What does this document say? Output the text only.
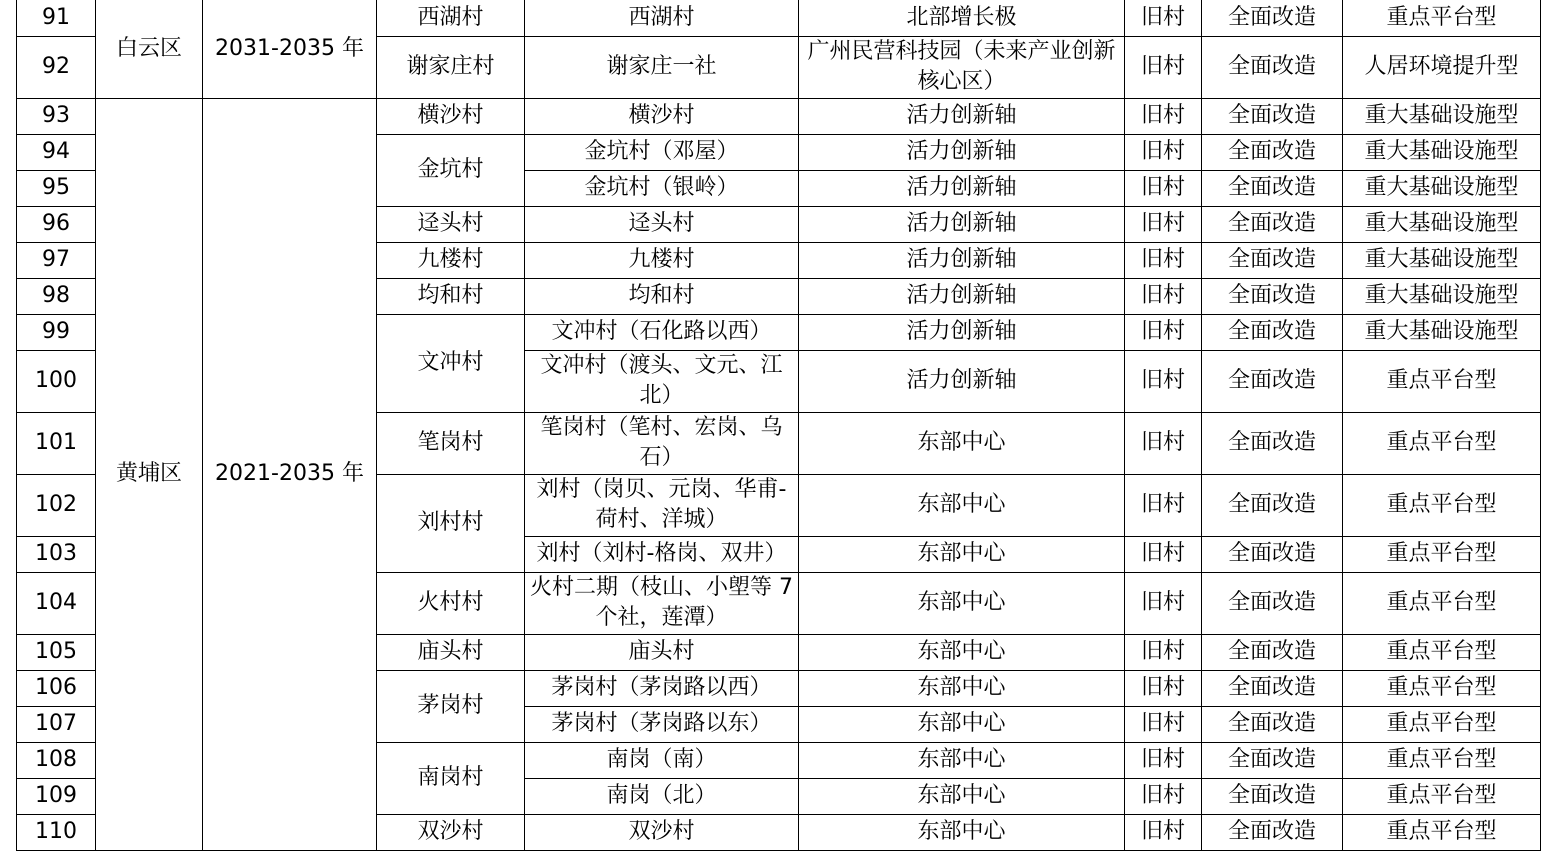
91	白云区	2031-2035 年	西湖村	西湖村	北部增长极	旧村	全面改造	重点平台型
92			谢家庄村	谢家庄一社	广州民营科技园（未来产业创新核心区）	旧村	全面改造	人居环境提升型
93	黄埔区	2021-2035 年	横沙村	横沙村	活力创新轴	旧村	全面改造	重大基础设施型
94			金坑村	金坑村（邓屋）	活力创新轴	旧村	全面改造	重大基础设施型
95				金坑村（银岭）	活力创新轴	旧村	全面改造	重大基础设施型
96			迳头村	迳头村	活力创新轴	旧村	全面改造	重大基础设施型
97			九楼村	九楼村	活力创新轴	旧村	全面改造	重大基础设施型
98			均和村	均和村	活力创新轴	旧村	全面改造	重大基础设施型
99			文冲村	文冲村（石化路以西）	活力创新轴	旧村	全面改造	重大基础设施型
100				文冲村（渡头、文元、江北）	活力创新轴	旧村	全面改造	重点平台型
101			笔岗村	笔岗村（笔村、宏岗、乌石）	东部中心	旧村	全面改造	重点平台型
102			刘村村	刘村（岗贝、元岗、华甫-荷村、洋城）	东部中心	旧村	全面改造	重点平台型
103				刘村（刘村-格岗、双井）	东部中心	旧村	全面改造	重点平台型
104			火村村	火村二期（枝山、小塱等 7 个社，莲潭）	东部中心	旧村	全面改造	重点平台型
105			庙头村	庙头村	东部中心	旧村	全面改造	重点平台型
106			茅岗村	茅岗村（茅岗路以西）	东部中心	旧村	全面改造	重点平台型
107				茅岗村（茅岗路以东）	东部中心	旧村	全面改造	重点平台型
108			南岗村	南岗（南）	东部中心	旧村	全面改造	重点平台型
109				南岗（北）	东部中心	旧村	全面改造	重点平台型
110			双沙村	双沙村	东部中心	旧村	全面改造	重点平台型
